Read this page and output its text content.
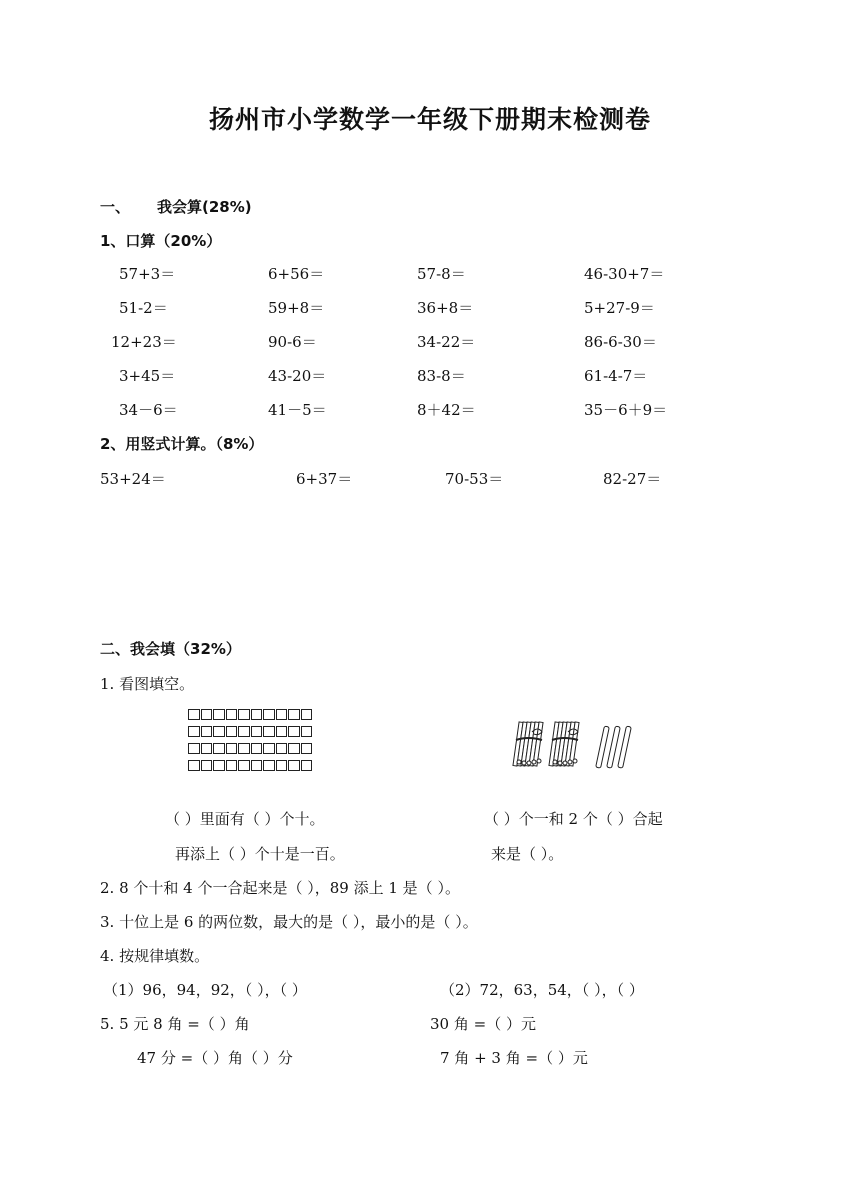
扬州市小学数学一年级下册期末检测卷
一、 我会算(28%)
1、口算（20%）
57+3＝	6+56＝	57-8＝	46-30+7＝
51-2＝	59+8＝	36+8＝	5+27-9＝
12+23＝	90-6＝	34-22＝	86-6-30＝
3+45＝	43-20＝	83-8＝	61-4-7＝
34－6＝	41－5＝	8＋42＝	35－6＋9＝
2、用竖式计算。（8%）
53+24＝	6+37＝	70-53＝	82-27＝
二、我会填（32%）
1. 看图填空。
（ ）里面有（ ）个十。
再添上（ ）个十是一百。
（ ）个一和 2 个（ ）合起
来是（ ）。
2. 8 个十和 4 个一合起来是（ ），89 添上 1 是（ ）。
3. 十位上是 6 的两位数，最大的是（ ），最小的是（ ）。
4. 按规律填数。
（1）96，94，92，（ ），（ ）	（2）72，63，54，（ ），（ ）
5. 5 元 8 角 =（ ）角	30 角 =（ ）元
47 分 =（ ）角（ ）分	7 角 + 3 角 =（ ）元
